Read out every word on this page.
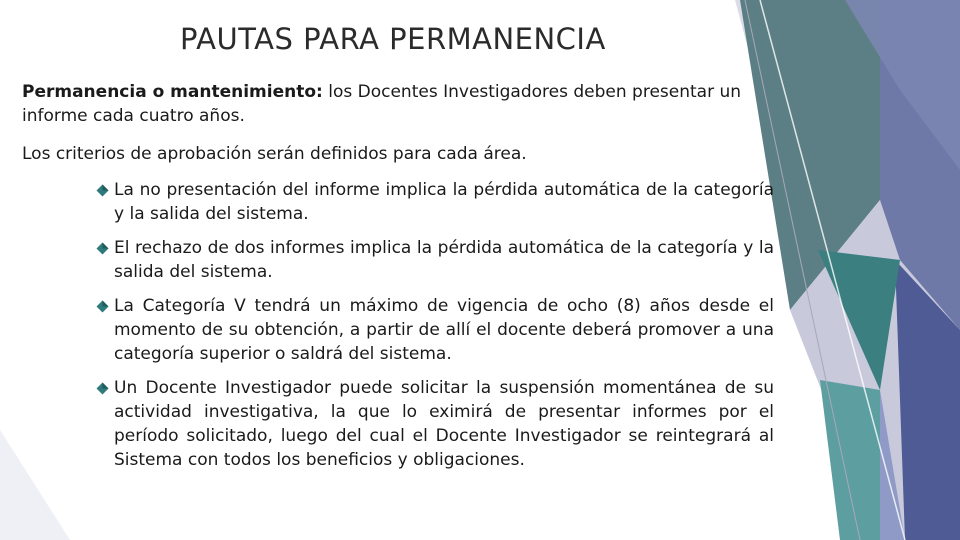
PAUTAS PARA PERMANENCIA

Permanencia o mantenimiento: los Docentes Investigadores deben presentar un informe cada cuatro años.

Los criterios de aprobación serán definidos para cada área.

La no presentación del informe implica la pérdida automática de la categoría y la salida del sistema.
El rechazo de dos informes implica la pérdida automática de la categoría y la salida del sistema.
La Categoría V tendrá un máximo de vigencia de ocho (8) años desde el momento de su obtención, a partir de allí el docente deberá promover a una categoría superior o saldrá del sistema.
Un Docente Investigador puede solicitar la suspensión momentánea de su actividad investigativa, la que lo eximirá de presentar informes por el período solicitado, luego del cual el Docente Investigador se reintegrará al Sistema con todos los beneficios y obligaciones.
